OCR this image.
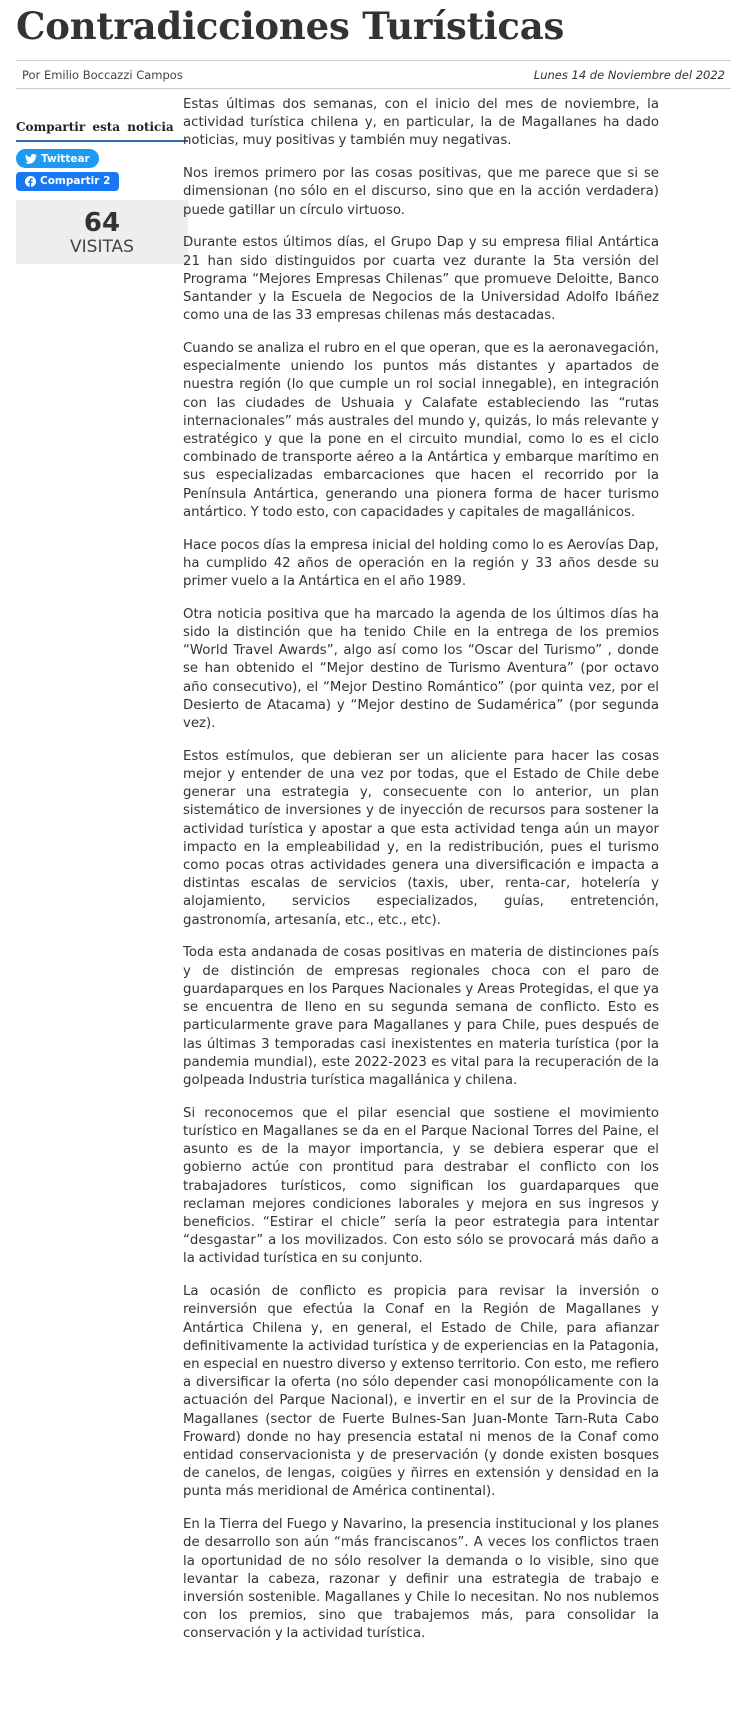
Contradicciones Turísticas
Por Emilio Boccazzi Campos	Lunes 14 de Noviembre del 2022
Compartir esta noticia
Twittear
Compartir 2
64
VISITAS

Estas últimas dos semanas, con el inicio del mes de noviembre, la actividad turística chilena y, en particular, la de Magallanes ha dado noticias, muy positivas y también muy negativas.

Nos iremos primero por las cosas positivas, que me parece que si se dimensionan (no sólo en el discurso, sino que en la acción verdadera) puede gatillar un círculo virtuoso.

Durante estos últimos días, el Grupo Dap y su empresa filial Antártica 21 han sido distinguidos por cuarta vez durante la 5ta versión del Programa “Mejores Empresas Chilenas” que promueve Deloitte, Banco Santander y la Escuela de Negocios de la Universidad Adolfo Ibáñez como una de las 33 empresas chilenas más destacadas.

Cuando se analiza el rubro en el que operan, que es la aeronavegación, especialmente uniendo los puntos más distantes y apartados de nuestra región (lo que cumple un rol social innegable), en integración con las ciudades de Ushuaia y Calafate estableciendo las “rutas internacionales” más australes del mundo y, quizás, lo más relevante y estratégico y que la pone en el circuito mundial, como lo es el ciclo combinado de transporte aéreo a la Antártica y embarque marítimo en sus especializadas embarcaciones que hacen el recorrido por la Península Antártica, generando una pionera forma de hacer turismo antártico. Y todo esto, con capacidades y capitales de magallánicos.

Hace pocos días la empresa inicial del holding como lo es Aerovías Dap, ha cumplido 42 años de operación en la región y 33 años desde su primer vuelo a la Antártica en el año 1989.

Otra noticia positiva que ha marcado la agenda de los últimos días ha sido la distinción que ha tenido Chile en la entrega de los premios “World Travel Awards”, algo así como los “Oscar del Turismo” , donde se han obtenido el “Mejor destino de Turismo Aventura” (por octavo año consecutivo), el “Mejor Destino Romántico” (por quinta vez, por el Desierto de Atacama) y “Mejor destino de Sudamérica” (por segunda vez).

Estos estímulos, que debieran ser un aliciente para hacer las cosas mejor y entender de una vez por todas, que el Estado de Chile debe generar una estrategia y, consecuente con lo anterior, un plan sistemático de inversiones y de inyección de recursos para sostener la actividad turística y apostar a que esta actividad tenga aún un mayor impacto en la empleabilidad y, en la redistribución, pues el turismo como pocas otras actividades genera una diversificación e impacta a distintas escalas de servicios (taxis, uber, renta-car, hotelería y alojamiento, servicios especializados, guías, entretención, gastronomía, artesanía, etc., etc., etc).

Toda esta andanada de cosas positivas en materia de distinciones país y de distinción de empresas regionales choca con el paro de guardaparques en los Parques Nacionales y Areas Protegidas, el que ya se encuentra de lleno en su segunda semana de conflicto. Esto es particularmente grave para Magallanes y para Chile, pues después de las últimas 3 temporadas casi inexistentes en materia turística (por la pandemia mundial), este 2022-2023 es vital para la recuperación de la golpeada Industria turística magallánica y chilena.

Si reconocemos que el pilar esencial que sostiene el movimiento turístico en Magallanes se da en el Parque Nacional Torres del Paine, el asunto es de la mayor importancia, y se debiera esperar que el gobierno actúe con prontitud para destrabar el conflicto con los trabajadores turísticos, como significan los guardaparques que reclaman mejores condiciones laborales y mejora en sus ingresos y beneficios. “Estirar el chicle” sería la peor estrategia para intentar “desgastar” a los movilizados. Con esto sólo se provocará más daño a la actividad turística en su conjunto.

La ocasión de conflicto es propicia para revisar la inversión o reinversión que efectúa la Conaf en la Región de Magallanes y Antártica Chilena y, en general, el Estado de Chile, para afianzar definitivamente la actividad turística y de experiencias en la Patagonia, en especial en nuestro diverso y extenso territorio. Con esto, me refiero a diversificar la oferta (no sólo depender casi monopólicamente con la actuación del Parque Nacional), e invertir en el sur de la Provincia de Magallanes (sector de Fuerte Bulnes-San Juan-Monte Tarn-Ruta Cabo Froward) donde no hay presencia estatal ni menos de la Conaf como entidad conservacionista y de preservación (y donde existen bosques de canelos, de lengas, coigües y ñirres en extensión y densidad en la punta más meridional de América continental).

En la Tierra del Fuego y Navarino, la presencia institucional y los planes de desarrollo son aún “más franciscanos”. A veces los conflictos traen la oportunidad de no sólo resolver la demanda o lo visible, sino que levantar la cabeza, razonar y definir una estrategia de trabajo e inversión sostenible. Magallanes y Chile lo necesitan. No nos nublemos con los premios, sino que trabajemos más, para consolidar la conservación y la actividad turística.
